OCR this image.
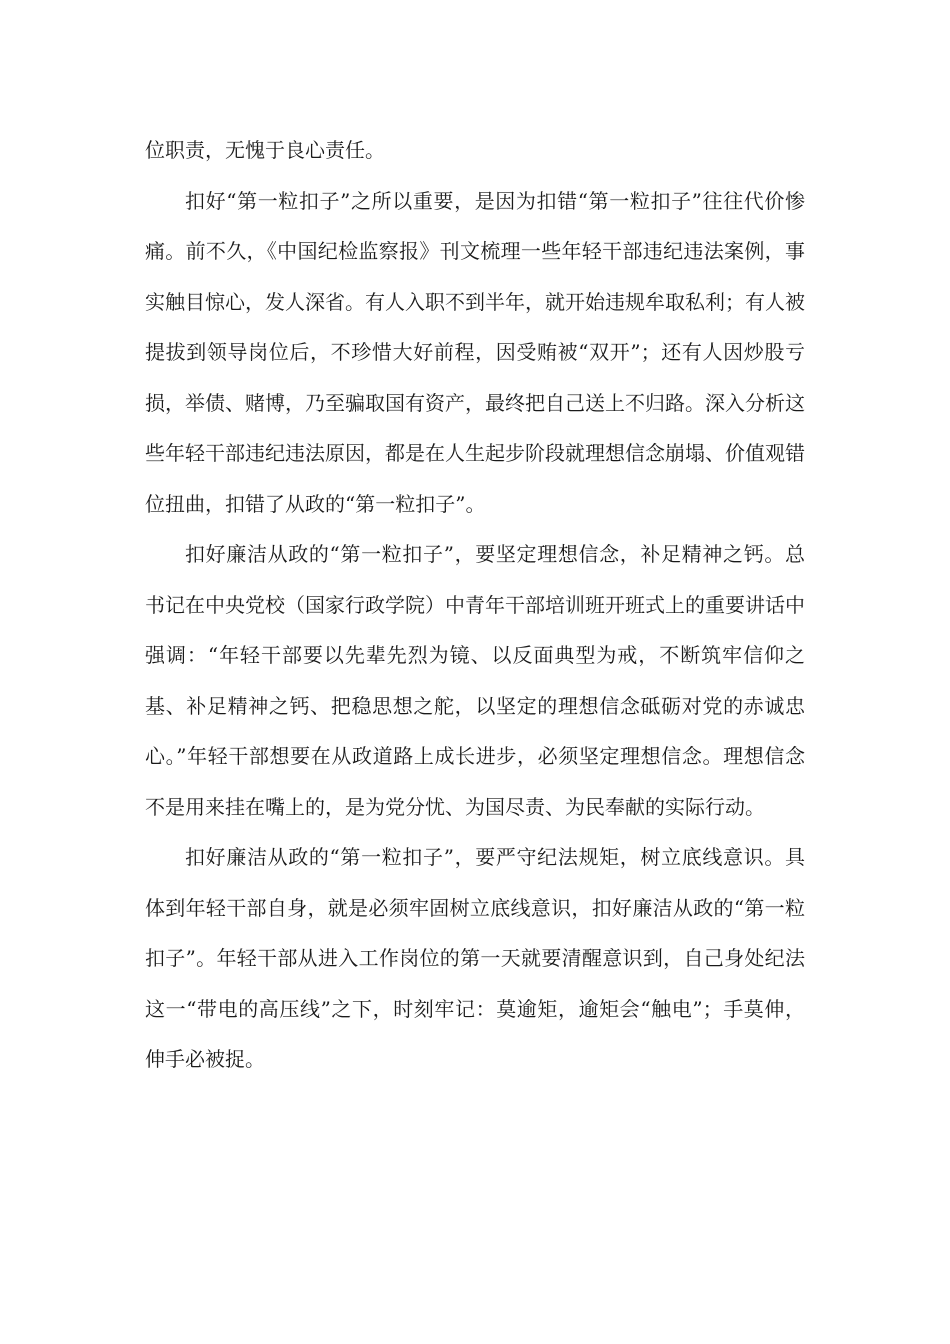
位职责，无愧于良心责任。

扣好“第一粒扣子”之所以重要，是因为扣错“第一粒扣子”往往代价惨痛。前不久，《中国纪检监察报》刊文梳理一些年轻干部违纪违法案例，事实触目惊心，发人深省。有人入职不到半年，就开始违规牟取私利；有人被提拔到领导岗位后，不珍惜大好前程，因受贿被“双开”；还有人因炒股亏损，举债、赌博，乃至骗取国有资产，最终把自己送上不归路。深入分析这些年轻干部违纪违法原因，都是在人生起步阶段就理想信念崩塌、价值观错位扭曲，扣错了从政的“第一粒扣子”。

扣好廉洁从政的“第一粒扣子”，要坚定理想信念，补足精神之钙。总书记在中央党校（国家行政学院）中青年干部培训班开班式上的重要讲话中强调：“年轻干部要以先辈先烈为镜、以反面典型为戒，不断筑牢信仰之基、补足精神之钙、把稳思想之舵，以坚定的理想信念砥砺对党的赤诚忠心。”年轻干部想要在从政道路上成长进步，必须坚定理想信念。理想信念不是用来挂在嘴上的，是为党分忧、为国尽责、为民奉献的实际行动。

扣好廉洁从政的“第一粒扣子”，要严守纪法规矩，树立底线意识。具体到年轻干部自身，就是必须牢固树立底线意识，扣好廉洁从政的“第一粒扣子”。年轻干部从进入工作岗位的第一天就要清醒意识到，自己身处纪法这一“带电的高压线”之下，时刻牢记：莫逾矩，逾矩会“触电”；手莫伸，伸手必被捉。
